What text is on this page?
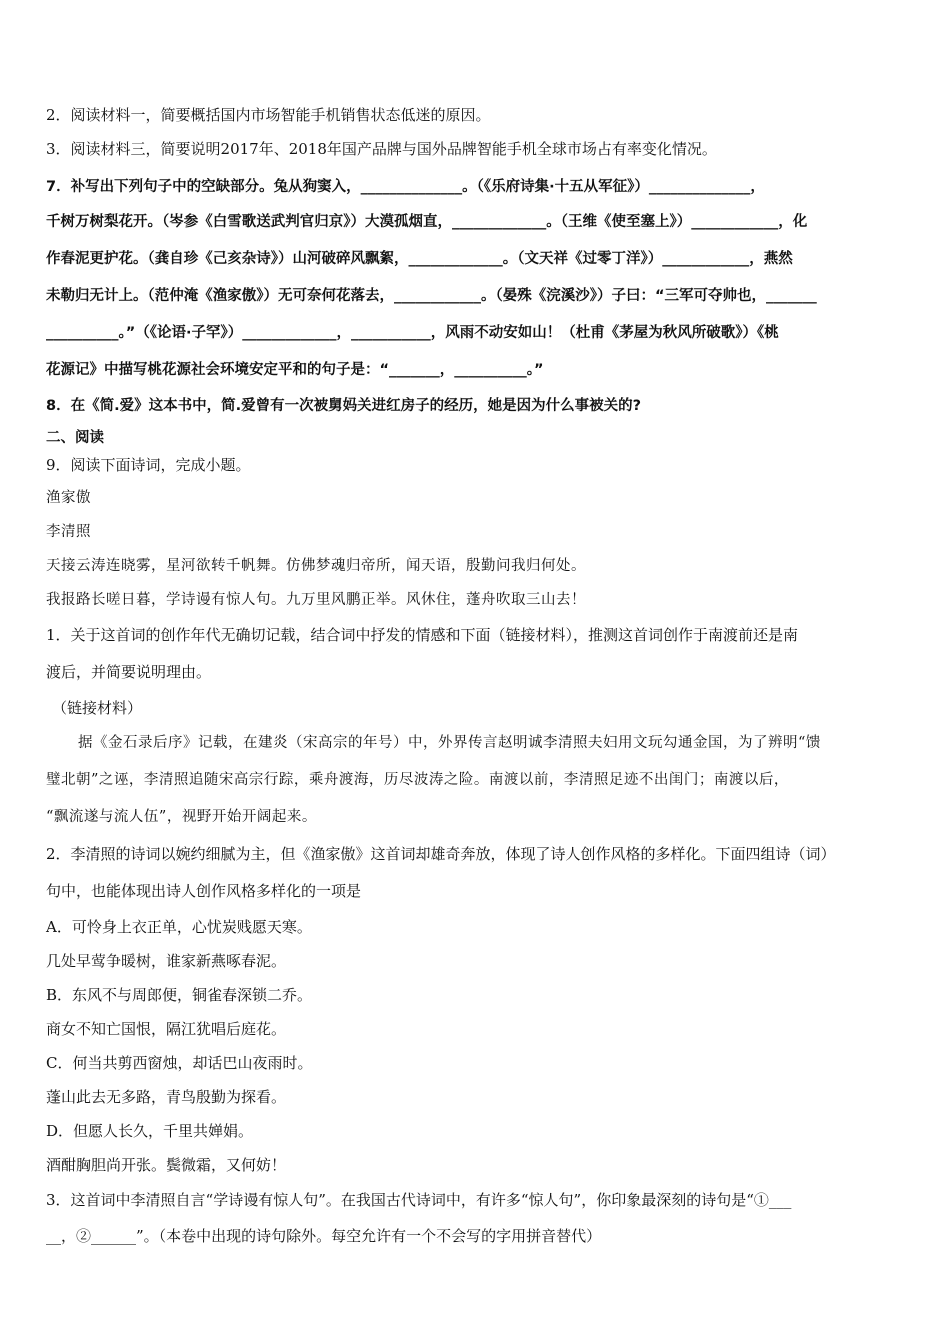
2．阅读材料一，简要概括国内市场智能手机销售状态低迷的原因。
3．阅读材料三，简要说明2017年、2018年国产品牌与国外品牌智能手机全球市场占有率变化情况。
7．补写出下列句子中的空缺部分。兔从狗窦入，______________。（《乐府诗集·十五从军征》）______________，
千树万树梨花开。（岑参《白雪歌送武判官归京》）大漠孤烟直，_____________。（王维《使至塞上》）____________，化
作春泥更护花。（龚自珍《己亥杂诗》）山河破碎风飘絮，_____________。（文天祥《过零丁洋》）____________，燕然
未勒归无计上。（范仲淹《渔家傲》）无可奈何花落去，____________。（晏殊《浣溪沙》）子曰：“三军可夺帅也，_______
__________。”（《论语·子罕》）_____________，___________，风雨不动安如山！（杜甫《茅屋为秋风所破歌》）《桃
花源记》中描写桃花源社会环境安定平和的句子是：“_______，__________。”
8．在《简.爱》这本书中，简.爱曾有一次被舅妈关进红房子的经历，她是因为什么事被关的?
二、阅读
9．阅读下面诗词，完成小题。
渔家傲
李清照
天接云涛连晓雾，星河欲转千帆舞。仿佛梦魂归帝所，闻天语，殷勤问我归何处。
我报路长嗟日暮，学诗谩有惊人句。九万里风鹏正举。风休住，蓬舟吹取三山去！
1．关于这首词的创作年代无确切记载，结合词中抒发的情感和下面（链接材料），推测这首词创作于南渡前还是南
渡后，并简要说明理由。
（链接材料）
据《金石录后序》记载，在建炎（宋高宗的年号）中，外界传言赵明诚李清照夫妇用文玩勾通金国，为了辨明“馈
璧北朝”之诬，李清照追随宋高宗行踪，乘舟渡海，历尽波涛之险。南渡以前，李清照足迹不出闺门；南渡以后，
“飘流遂与流人伍”，视野开始开阔起来。
2．李清照的诗词以婉约细腻为主，但《渔家傲》这首词却雄奇奔放，体现了诗人创作风格的多样化。下面四组诗（词）
句中，也能体现出诗人创作风格多样化的一项是
A．可怜身上衣正单，心忧炭贱愿天寒。
几处早莺争暖树，谁家新燕啄春泥。
B．东风不与周郎便，铜雀春深锁二乔。
商女不知亡国恨，隔江犹唱后庭花。
C．何当共剪西窗烛，却话巴山夜雨时。
蓬山此去无多路，青鸟殷勤为探看。
D．但愿人长久，千里共婵娟。
酒酣胸胆尚开张。鬓微霜，又何妨！
3．这首词中李清照自言“学诗谩有惊人句”。在我国古代诗词中，有许多“惊人句”，你印象最深刻的诗句是“①___
__，②______”。（本卷中出现的诗句除外。每空允许有一个不会写的字用拼音替代）
